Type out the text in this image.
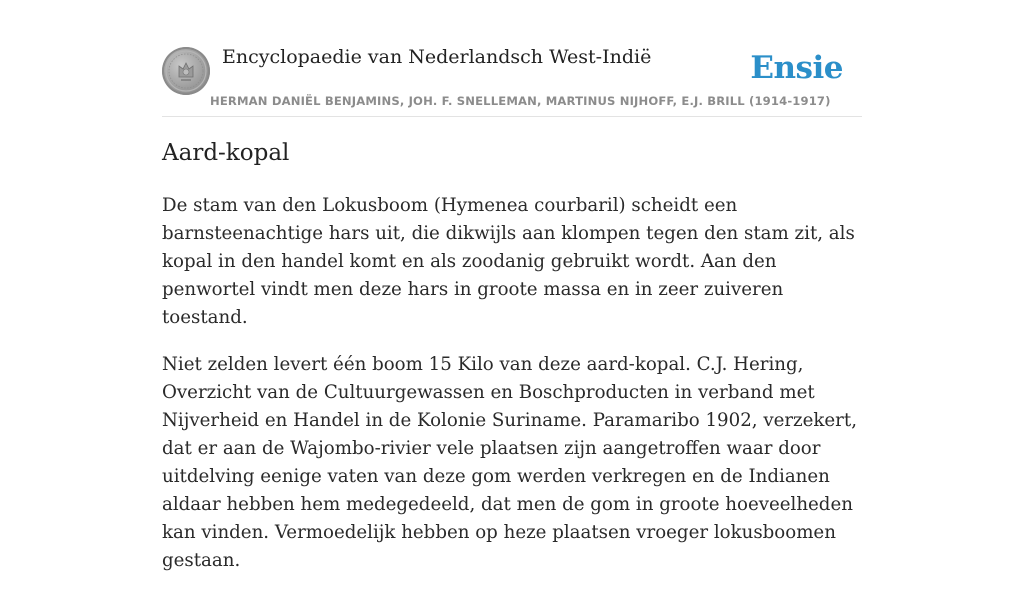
Encyclopaedie van Nederlandsch West-Indië	Ensie
HERMAN DANIËL BENJAMINS, JOH. F. SNELLEMAN, MARTINUS NIJHOFF, E.J. BRILL (1914-1917)
Aard-kopal

De stam van den Lokusboom (Hymenea courbaril) scheidt een barnsteenachtige hars uit, die dikwijls aan klompen tegen den stam zit, als kopal in den handel komt en als zoodanig gebruikt wordt. Aan den penwortel vindt men deze hars in groote massa en in zeer zuiveren toestand.

Niet zelden levert één boom 15 Kilo van deze aard-kopal. C.J. Hering, Overzicht van de Cultuurgewassen en Boschproducten in verband met Nijverheid en Handel in de Kolonie Suriname. Paramaribo 1902, verzekert, dat er aan de Wajombo-rivier vele plaatsen zijn aangetroffen waar door uitdelving eenige vaten van deze gom werden verkregen en de Indianen aldaar hebben hem medegedeeld, dat men de gom in groote hoeveelheden kan vinden. Vermoedelijk hebben op heze plaatsen vroeger lokusboomen gestaan.
